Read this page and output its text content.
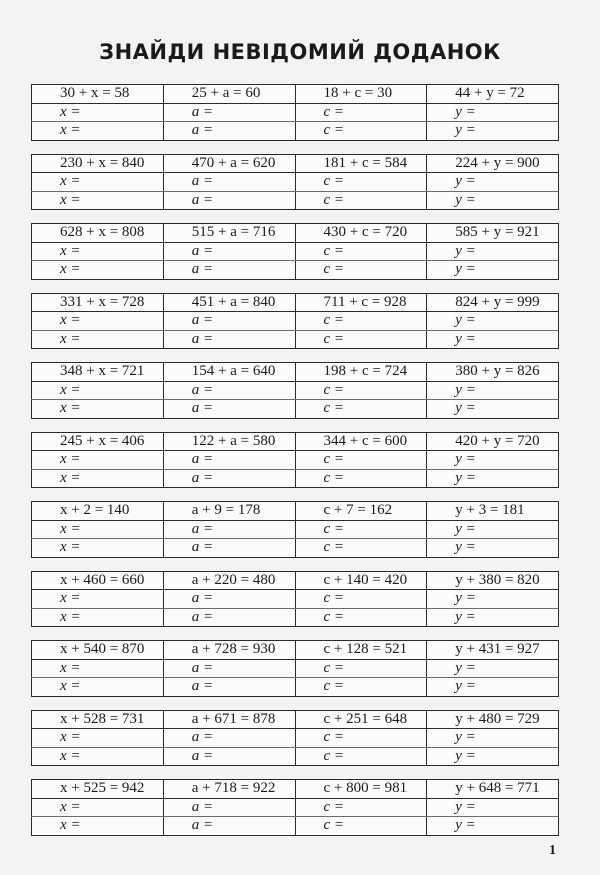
ЗНАЙДИ НЕВІДОМИЙ ДОДАНОК
30 + x = 58	25 + a = 60	18 + c = 30	44 + y = 72
x =	a =	c =	y =
x =	a =	c =	y =
230 + x = 840	470 + a = 620	181 + c = 584	224 + y = 900
x =	a =	c =	y =
x =	a =	c =	y =
628 + x = 808	515 + a = 716	430 + c = 720	585 + y = 921
x =	a =	c =	y =
x =	a =	c =	y =
331 + x = 728	451 + a = 840	711 + c = 928	824 + y = 999
x =	a =	c =	y =
x =	a =	c =	y =
348 + x = 721	154 + a = 640	198 + c = 724	380 + y = 826
x =	a =	c =	y =
x =	a =	c =	y =
245 + x = 406	122 + a = 580	344 + c = 600	420 + y = 720
x =	a =	c =	y =
x =	a =	c =	y =
x + 2 = 140	a + 9 = 178	c + 7 = 162	y + 3 = 181
x =	a =	c =	y =
x =	a =	c =	y =
x + 460 = 660	a + 220 = 480	c + 140 = 420	y + 380 = 820
x =	a =	c =	y =
x =	a =	c =	y =
x + 540 = 870	a + 728 = 930	c + 128 = 521	y + 431 = 927
x =	a =	c =	y =
x =	a =	c =	y =
x + 528 = 731	a + 671 = 878	c + 251 = 648	y + 480 = 729
x =	a =	c =	y =
x =	a =	c =	y =
x + 525 = 942	a + 718 = 922	c + 800 = 981	y + 648 = 771
x =	a =	c =	y =
x =	a =	c =	y =
1
